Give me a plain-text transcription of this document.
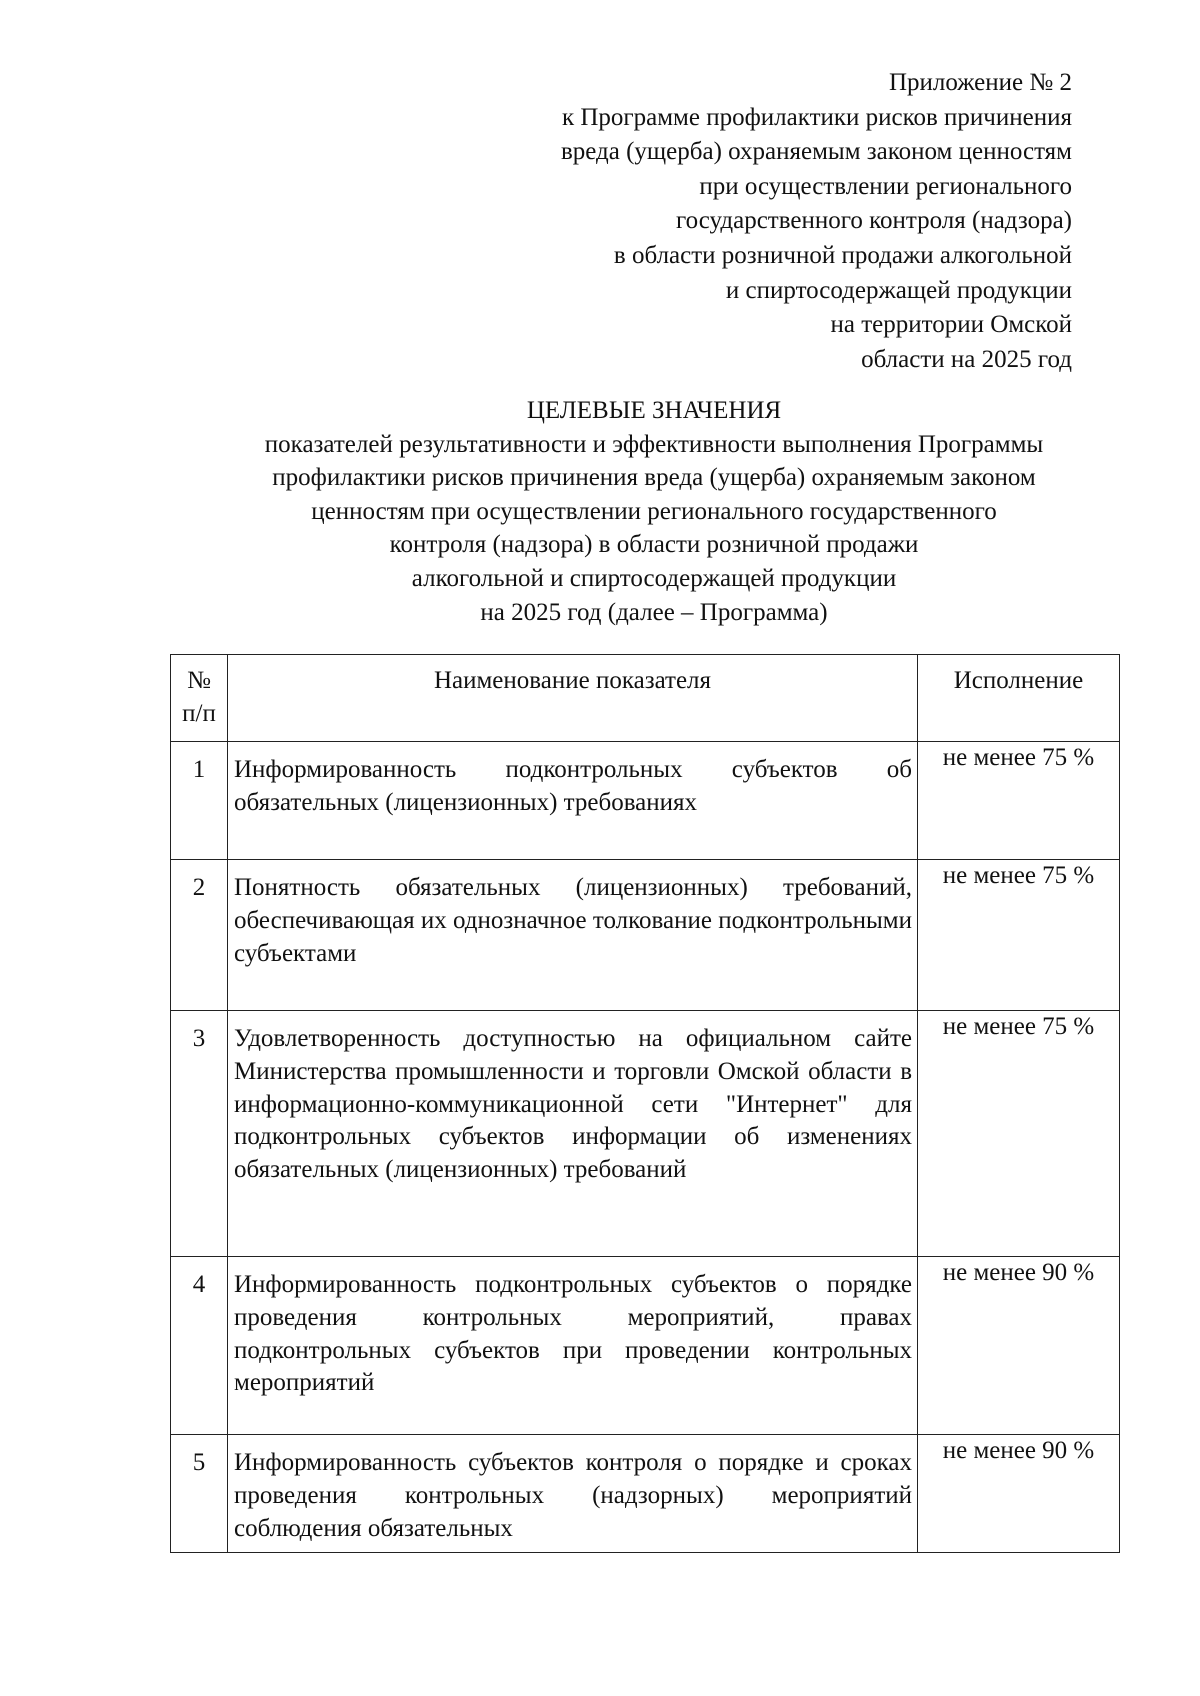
Приложение № 2
к Программе профилактики рисков причинения
вреда (ущерба) охраняемым законом ценностям
при осуществлении регионального
государственного контроля (надзора)
в области розничной продажи алкогольной
и спиртосодержащей продукции
на территории Омской
области на 2025 год
ЦЕЛЕВЫЕ ЗНАЧЕНИЯ
показателей результативности и эффективности выполнения Программы
профилактики рисков причинения вреда (ущерба) охраняемым законом
ценностям при осуществлении регионального государственного
контроля (надзора) в области розничной продажи
алкогольной и спиртосодержащей продукции
на 2025 год (далее – Программа)
№
п/п	Наименование показателя	Исполнение
1	Информированность подконтрольных субъектов об обязательных (лицензионных) требованиях	не менее 75 %
2	Понятность обязательных (лицензионных) требований, обеспечивающая их однозначное толкование подконтрольными субъектами	не менее 75 %
3	Удовлетворенность доступностью на официальном сайте Министерства промышленности и торговли Омской области в информационно-коммуникационной сети "Интернет" для подконтрольных субъектов информации об изменениях обязательных (лицензионных) требований	не менее 75 %
4	Информированность подконтрольных субъектов о порядке проведения контрольных мероприятий, правах подконтрольных субъектов при проведении контрольных мероприятий	не менее 90 %
5	Информированность субъектов контроля о порядке и сроках проведения контрольных (надзорных) мероприятий соблюдения обязательных	не менее 90 %
